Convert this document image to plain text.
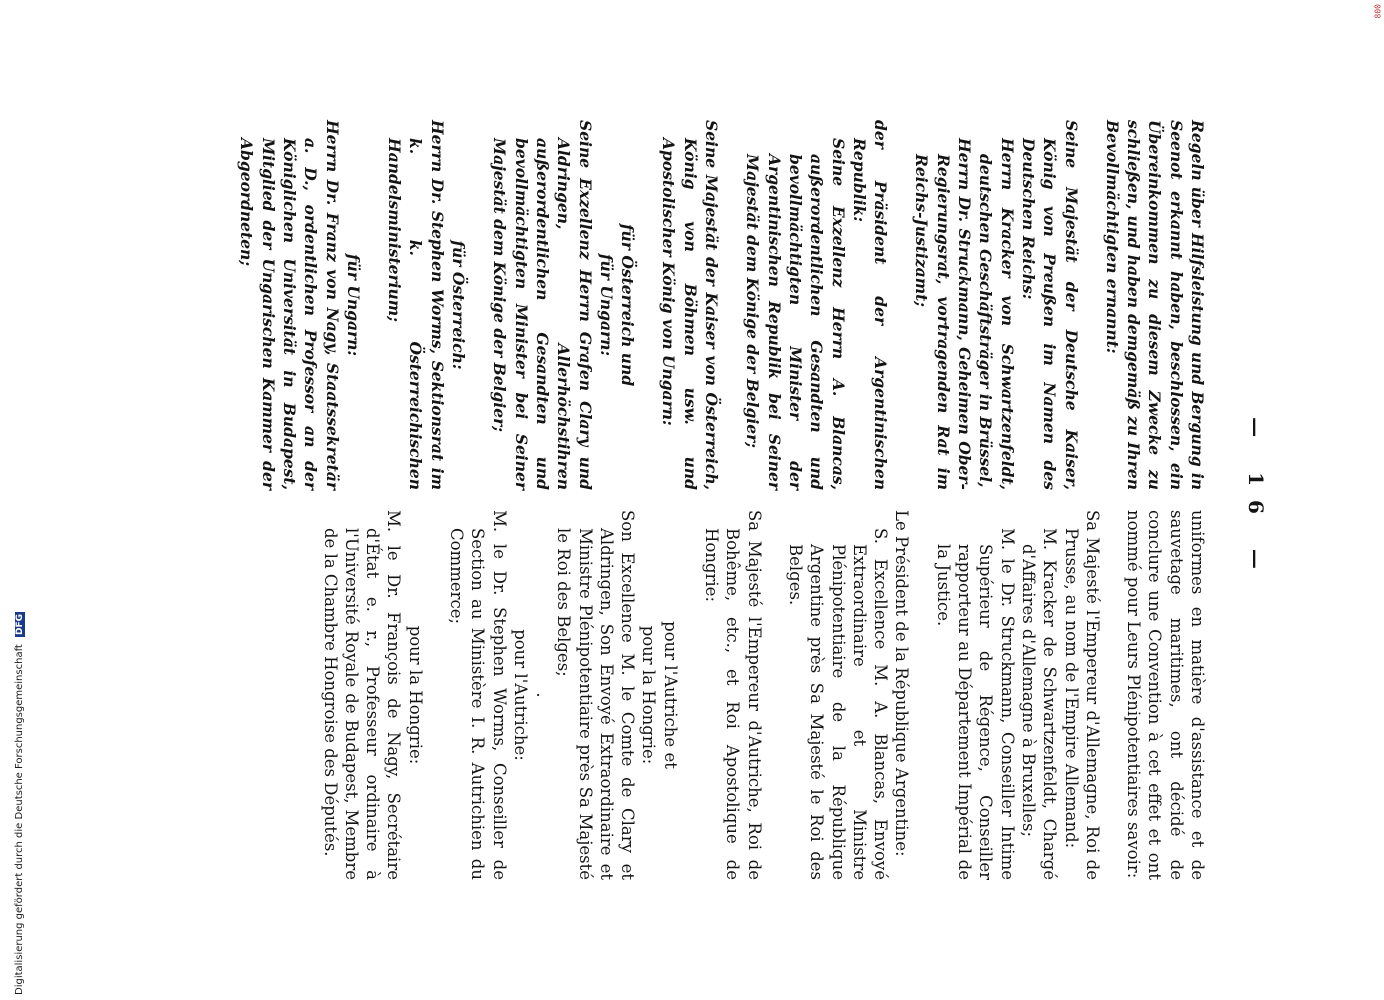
— 16 —

uniformes en matière d'assistance et de sauvetage maritimes, ont décidé de conclure une Convention à cet effet et ont nommé pour Leurs Plénipotentiaires savoir:

Sa Majesté l'Empereur d'Allemagne, Roi de Prusse, au nom de l'Empire Allemand:

M. Kracker de Schwartzenfeldt, Chargé d'Affaires d'Allemagne à Bruxelles;

M. le Dr. Struckmann, Conseiller Intime Supérieur de Régence, Conseiller rapporteur au Département Impérial de la Justice.

Le Président de la République Argentine:

S. Excellence M. A. Blancas, Envoyé Extraordinaire et Ministre Plénipotentiaire de la République Argentine près Sa Majesté le Roi des Belges.

Sa Majesté l'Empereur d'Autriche, Roi de Bohême, etc., et Roi Apostolique de Hongrie:

pour l'Autriche et

pour la Hongrie:

Son Excellence M. le Comte de Clary et Aldringen, Son Envoyé Extraordinaire et Ministre Plénipotentiaire près Sa Majesté le Roi des Belges;

.

pour l'Autriche:

M. le Dr. Stephen Worms, Conseiller de Section au Ministère I. R. Autrichien du Commerce;

pour la Hongrie:

M. le Dr. François de Nagy, Secrétaire d'État e. r., Professeur ordinaire à l'Université Royale de Budapest, Membre de la Chambre Hongroise des Députés.

Regeln über Hilfsleistung und Bergung in Seenot erkannt haben, beschlossen, ein Übereinkommen zu diesem Zwecke zu schließen, und haben demgemäß zu Ihren Bevollmächtigten ernannt:

Seine Majestät der Deutsche Kaiser, König von Preußen im Namen des Deutschen Reichs:

Herrn Kracker von Schwartzenfeldt, deutschen Geschäftsträger in Brüssel,

Herrn Dr. Struckmann, Geheimen Ober-Regierungsrat, vortragenden Rat im Reichs-Justizamt;

der Präsident der Argentinischen Republik:

Seine Exzellenz Herrn A. Blancas, außerordentlichen Gesandten und bevollmächtigten Minister der Argentinischen Republik bei Seiner Majestät dem Könige der Belgier;

Seine Majestät der Kaiser von Österreich, König von Böhmen usw. und Apostolischer König von Ungarn:

für Österreich und

für Ungarn:

Seine Exzellenz Herrn Grafen Clary und Aldringen, Allerhöchstihren außerordentlichen Gesandten und bevollmächtigten Minister bei Seiner Majestät dem Könige der Belgier;

für Österreich:

Herrn Dr. Stephen Worms, Sektionsrat im k. k. Österreichischen Handelsministerium;

für Ungarn:

Herrn Dr. Franz von Nagy, Staatssekretär a. D., ordentlichen Professor an der Königlichen Universität in Budapest, Mitglied der Ungarischen Kammer der Abgeordneten;

Digitalisierung gefördert durch die Deutsche Forschungsgemeinschaft DFG
800
